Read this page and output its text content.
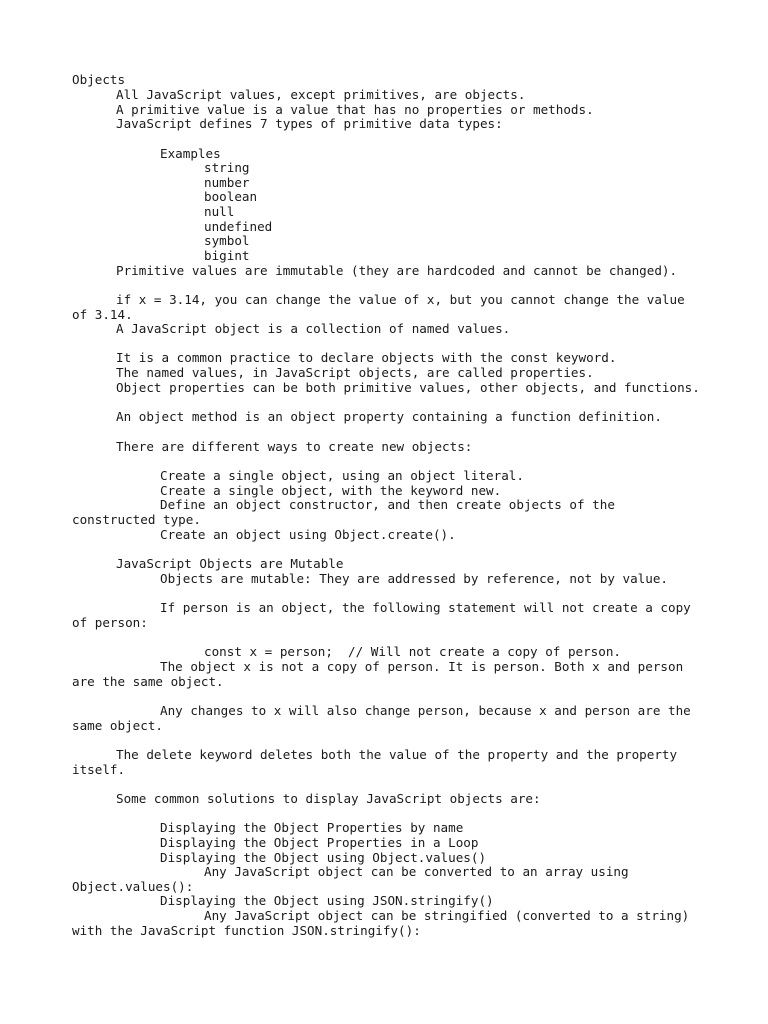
Objects
All JavaScript values, except primitives, are objects.
A primitive value is a value that has no properties or methods.
JavaScript defines 7 types of primitive data types:
Examples
string
number
boolean
null
undefined
symbol
bigint
Primitive values are immutable (they are hardcoded and cannot be changed).
if x = 3.14, you can change the value of x, but you cannot change the value
of 3.14.
A JavaScript object is a collection of named values.
It is a common practice to declare objects with the const keyword.
The named values, in JavaScript objects, are called properties.
Object properties can be both primitive values, other objects, and functions.
An object method is an object property containing a function definition.
There are different ways to create new objects:
Create a single object, using an object literal.
Create a single object, with the keyword new.
Define an object constructor, and then create objects of the
constructed type.
Create an object using Object.create().
JavaScript Objects are Mutable
Objects are mutable: They are addressed by reference, not by value.
If person is an object, the following statement will not create a copy
of person:
const x = person;  // Will not create a copy of person.
The object x is not a copy of person. It is person. Both x and person
are the same object.
Any changes to x will also change person, because x and person are the
same object.
The delete keyword deletes both the value of the property and the property
itself.
Some common solutions to display JavaScript objects are:
Displaying the Object Properties by name
Displaying the Object Properties in a Loop
Displaying the Object using Object.values()
Any JavaScript object can be converted to an array using
Object.values():
Displaying the Object using JSON.stringify()
Any JavaScript object can be stringified (converted to a string)
with the JavaScript function JSON.stringify():
